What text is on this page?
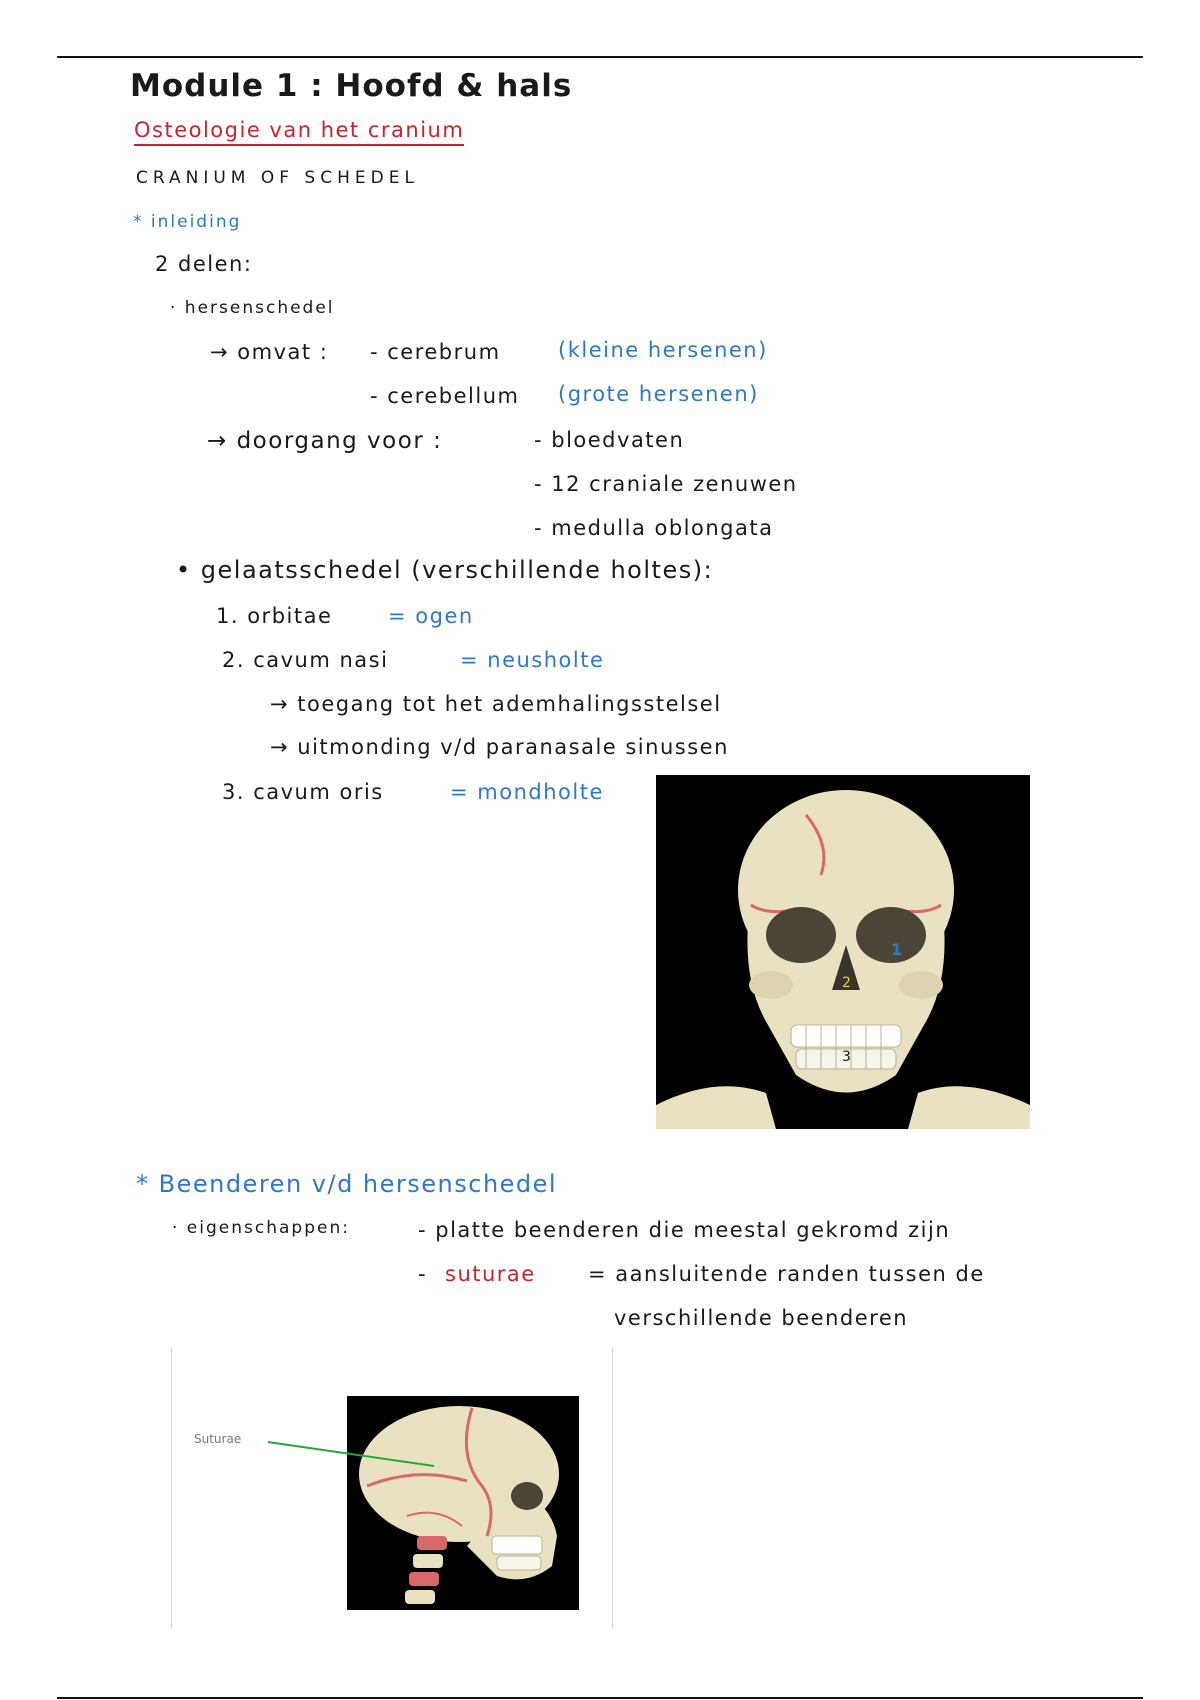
Module 1 : Hoofd & hals
Osteologie van het cranium
CRANIUM OF SCHEDEL
* inleiding
2 delen:
· hersenschedel
→ omvat : - cerebrum	(kleine hersenen)
- cerebellum (grote hersenen)
→ doorgang voor :	- bloedvaten
- 12 craniale zenuwen
- medulla oblongata
• gelaatsschedel (verschillende holtes):
1. orbitae	= ogen
2. cavum nasi	= neusholte
→ toegang tot het ademhalingsstelsel
→ uitmonding v/d paranasale sinussen
3. cavum oris	= mondholte
1
2
3
* Beenderen v/d hersenschedel
· eigenschappen:	- platte beenderen die meestal gekromd zijn
- suturae = aansluitende randen tussen de
verschillende beenderen
Suturae
